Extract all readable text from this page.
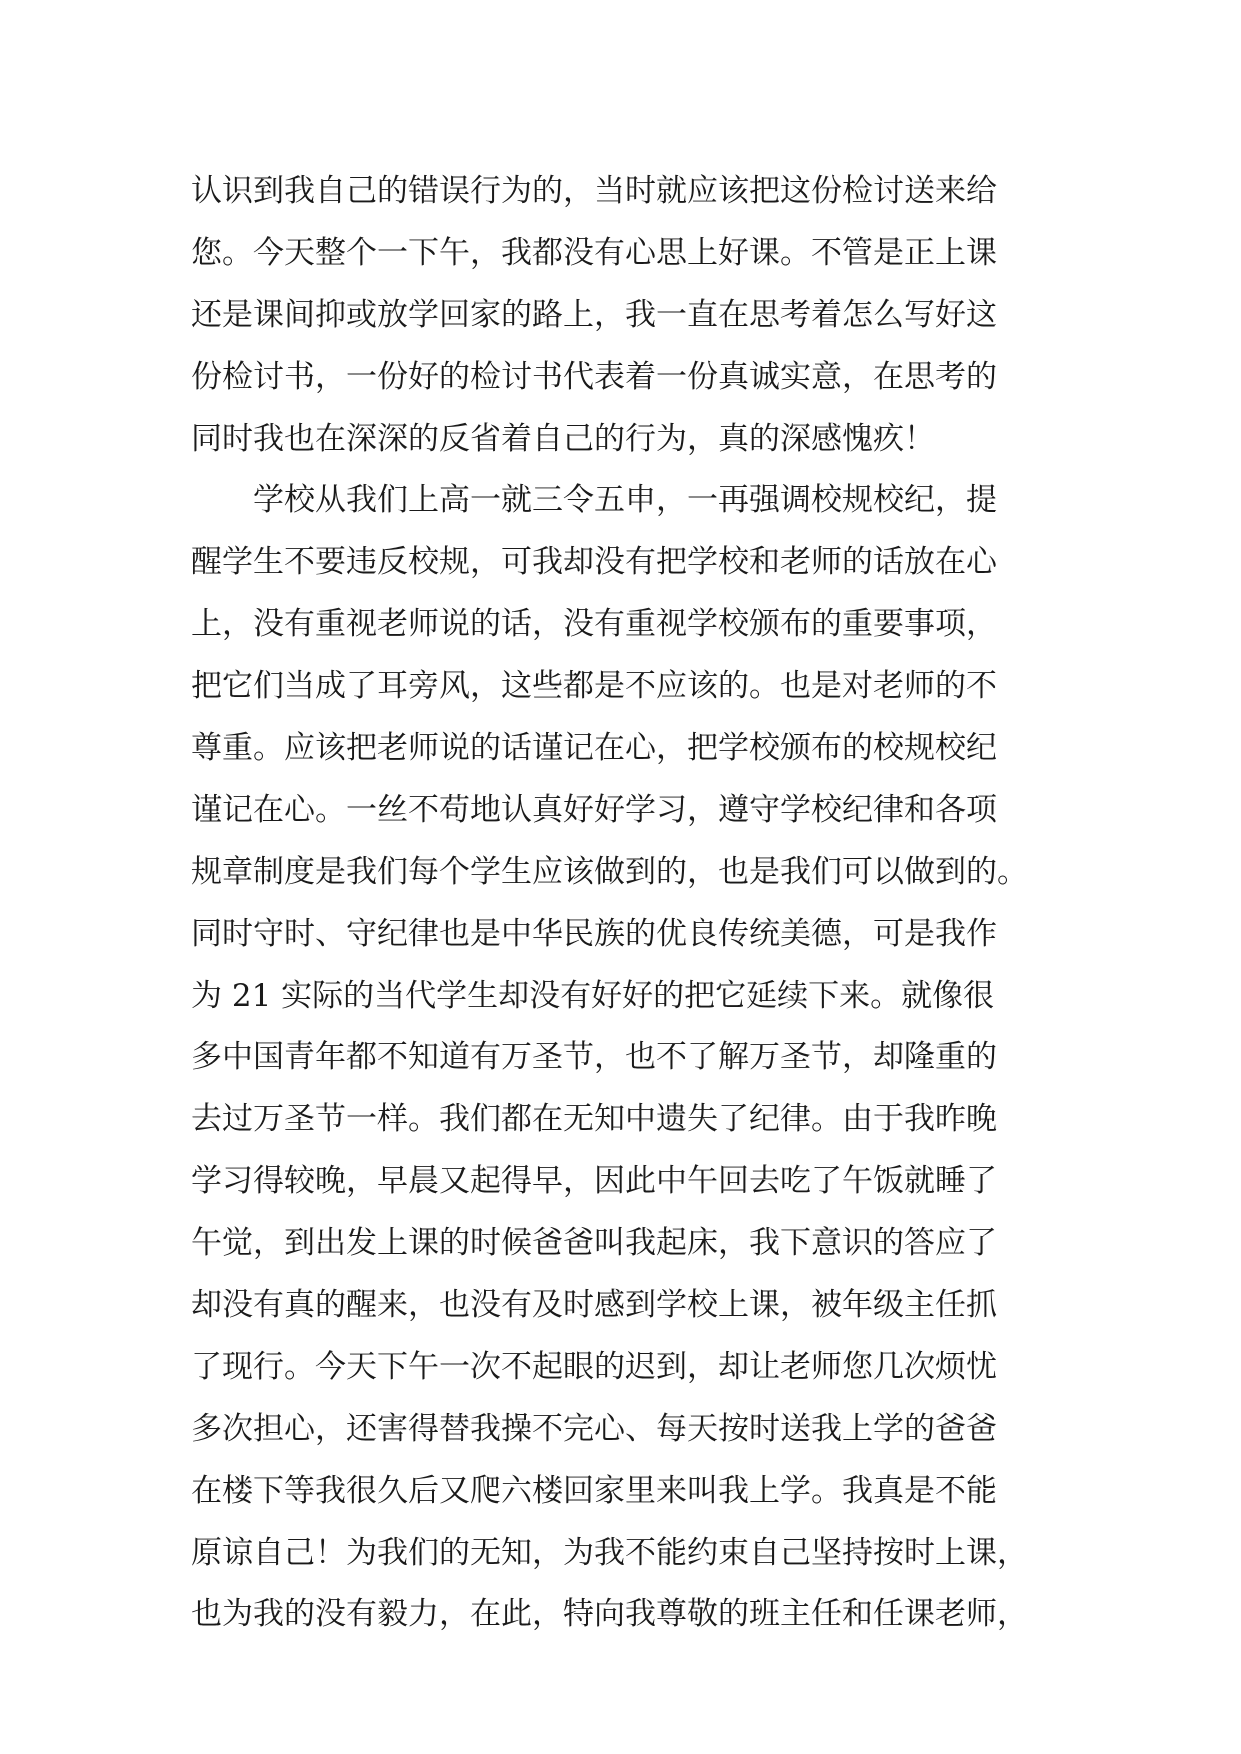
认识到我自己的错误行为的，当时就应该把这份检讨送来给
您。今天整个一下午，我都没有心思上好课。不管是正上课
还是课间抑或放学回家的路上，我一直在思考着怎么写好这
份检讨书，一份好的检讨书代表着一份真诚实意，在思考的
同时我也在深深的反省着自己的行为，真的深感愧疚！
学校从我们上高一就三令五申，一再强调校规校纪，提
醒学生不要违反校规，可我却没有把学校和老师的话放在心
上，没有重视老师说的话，没有重视学校颁布的重要事项，
把它们当成了耳旁风，这些都是不应该的。也是对老师的不
尊重。应该把老师说的话谨记在心，把学校颁布的校规校纪
谨记在心。一丝不苟地认真好好学习，遵守学校纪律和各项
规章制度是我们每个学生应该做到的，也是我们可以做到的。
同时守时、守纪律也是中华民族的优良传统美德，可是我作
为 21 实际的当代学生却没有好好的把它延续下来。就像很
多中国青年都不知道有万圣节，也不了解万圣节，却隆重的
去过万圣节一样。我们都在无知中遗失了纪律。由于我昨晚
学习得较晚，早晨又起得早，因此中午回去吃了午饭就睡了
午觉，到出发上课的时候爸爸叫我起床，我下意识的答应了
却没有真的醒来，也没有及时感到学校上课，被年级主任抓
了现行。今天下午一次不起眼的迟到，却让老师您几次烦忧
多次担心，还害得替我操不完心、每天按时送我上学的爸爸
在楼下等我很久后又爬六楼回家里来叫我上学。我真是不能
原谅自己！为我们的无知，为我不能约束自己坚持按时上课，
也为我的没有毅力，在此，特向我尊敬的班主任和任课老师，
